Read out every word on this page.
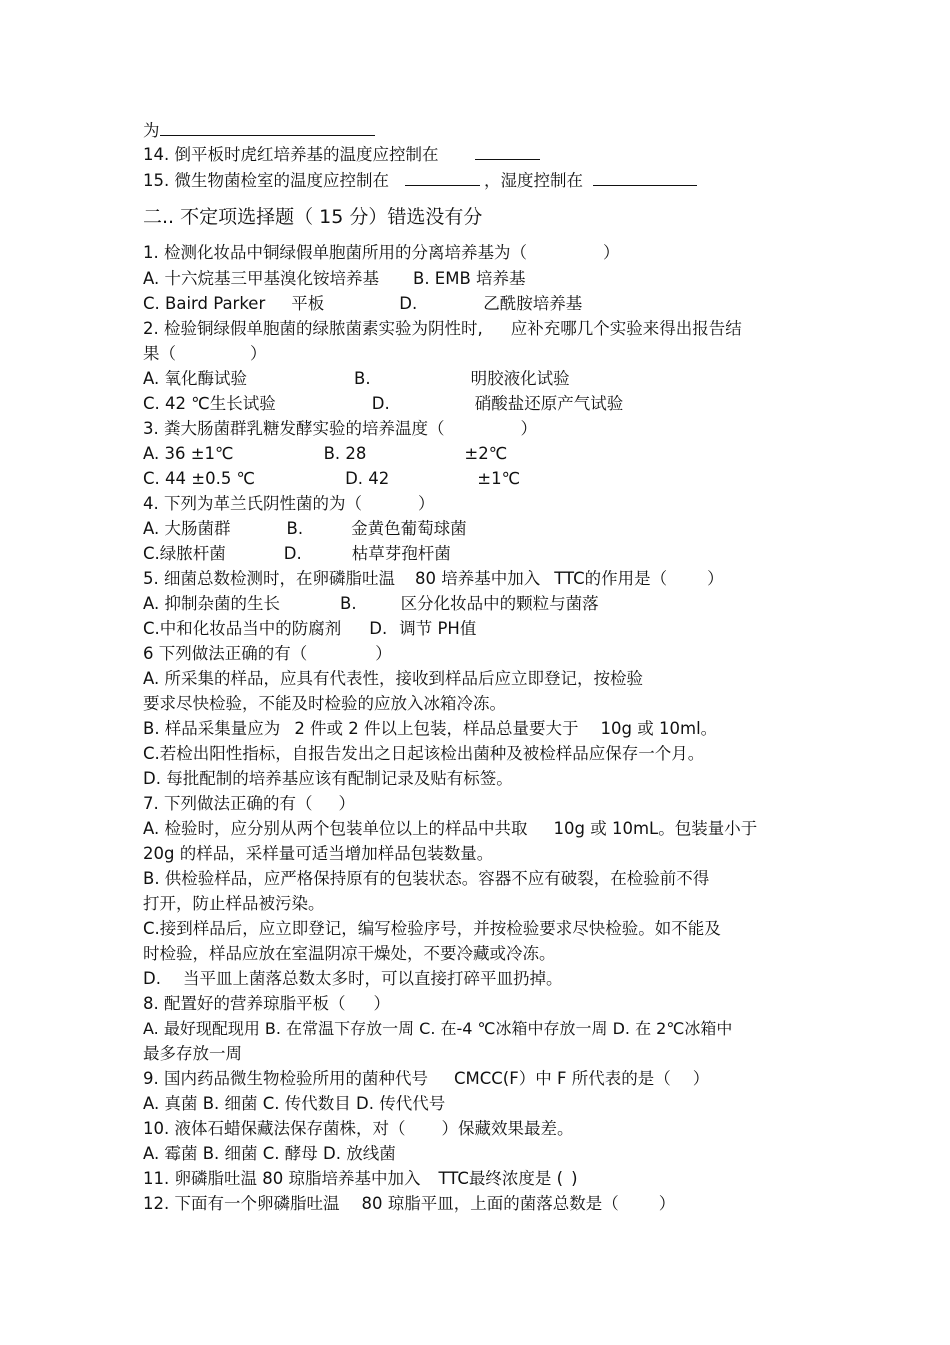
为
14. 倒平板时虎红培养基的温度应控制在
15. 微生物菌检室的温度应控制在	，湿度控制在
二.. 不定项选择题（ 15 分）错选没有分
1. 检测化妆品中铜绿假单胞菌所用的分离培养基为（	）
A. 十六烷基三甲基溴化铵培养基 B. EMB 培养基
C. Baird Parker 平板	D.	乙酰胺培养基
2. 检验铜绿假单胞菌的绿脓菌素实验为阴性时, 应补充哪几个实验来得出报告结
果（	）
A. 氧化酶试验	B.	明胶液化试验
C. 42 ℃生长试验	D.	硝酸盐还原产气试验
3. 粪大肠菌群乳糖发酵实验的培养温度（	）
A. 36 ±1℃	B. 28	±2℃
C. 44 ±0.5 ℃	D. 42	±1℃
4. 下列为革兰氏阴性菌的为（	）
A. 大肠菌群	B.	金黄色葡萄球菌
C.绿脓杆菌	D.	枯草芽孢杆菌
5. 细菌总数检测时，在卵磷脂吐温 80 培养基中加入 TTC的作用是（ ）
A. 抑制杂菌的生长	B.	区分化妆品中的颗粒与菌落
C.中和化妆品当中的防腐剂 D. 调节 PH值
6 下列做法正确的有（	）
A. 所采集的样品，应具有代表性，接收到样品后应立即登记，按检验
要求尽快检验，不能及时检验的应放入冰箱冷冻。
B. 样品采集量应为 2 件或 2 件以上包装，样品总量要大于 10g 或 10ml。
C.若检出阳性指标，自报告发出之日起该检出菌种及被检样品应保存一个月。
D. 每批配制的培养基应该有配制记录及贴有标签。
7. 下列做法正确的有（ ）
A. 检验时，应分别从两个包装单位以上的样品中共取 10g 或 10mL。包装量小于
20g 的样品，采样量可适当增加样品包装数量。
B. 供检验样品，应严格保持原有的包装状态。容器不应有破裂，在检验前不得
打开，防止样品被污染。
C.接到样品后，应立即登记，编写检验序号，并按检验要求尽快检验。如不能及
时检验，样品应放在室温阴凉干燥处，不要冷藏或冷冻。
D. 当平皿上菌落总数太多时，可以直接打碎平皿扔掉。
8. 配置好的营养琼脂平板（ ）
A. 最好现配现用 B. 在常温下存放一周 C. 在-4 ℃冰箱中存放一周 D. 在 2℃冰箱中
最多存放一周
9. 国内药品微生物检验所用的菌种代号 CMCC(F）中 F 所代表的是（ ）
A. 真菌 B. 细菌 C. 传代数目 D. 传代代号
10. 液体石蜡保藏法保存菌株，对（ ）保藏效果最差。
A. 霉菌 B. 细菌 C. 酵母 D. 放线菌
11. 卵磷脂吐温 80 琼脂培养基中加入 TTC最终浓度是 ( )
12. 下面有一个卵磷脂吐温 80 琼脂平皿，上面的菌落总数是（ ）
